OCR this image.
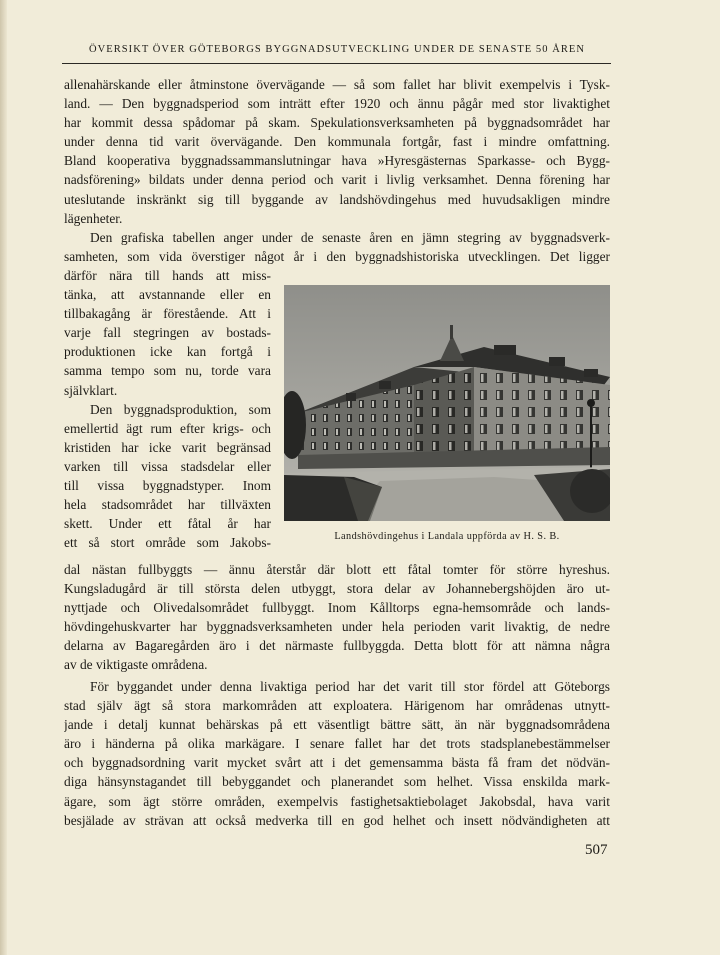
ÖVERSIKT ÖVER GÖTEBORGS BYGGNADSUTVECKLING UNDER DE SENASTE 50 ÅREN
allenahärskande eller åtminstone övervägande — så som fallet har blivit exempelvis i Tysk-
land. — Den byggnadsperiod som inträtt efter 1920 och ännu pågår med stor livaktighet
har kommit dessa spådomar på skam. Spekulationsverksamheten på byggnadsområdet har
under denna tid varit övervägande. Den kommunala fortgår, fast i mindre omfattning.
Bland kooperativa byggnadssammanslutningar hava »Hyresgästernas Sparkasse- och Bygg-
nadsförening» bildats under denna period och varit i livlig verksamhet. Denna förening har
uteslutande inskränkt sig till byggande av landshövdingehus med huvudsakligen mindre
lägenheter.
Den grafiska tabellen anger under de senaste åren en jämn stegring av byggnadsverk-
samheten, som vida överstiger något år i den byggnadshistoriska utvecklingen. Det ligger
därför nära till hands att miss-
tänka, att avstannande eller en
tillbakagång är förestående. Att i
varje fall stegringen av bostads-
produktionen icke kan fortgå i
samma tempo som nu, torde vara
självklart.
Den byggnadsproduktion, som
emellertid ägt rum efter krigs- och
kristiden har icke varit begränsad
varken till vissa stadsdelar eller
till vissa byggnadstyper. Inom
hela stadsområdet har tillväxten
skett. Under ett fåtal år har
ett så stort område som Jakobs-	Landshövdingehus i Landala uppförda av H. S. B.
dal nästan fullbyggts — ännu återstår där blott ett fåtal tomter för större hyreshus.
Kungsladugård är till största delen utbyggt, stora delar av Johannebergshöjden äro ut-
nyttjade och Olivedalsområdet fullbyggt. Inom Kålltorps egna-hemsområde och lands-
hövdingehuskvarter har byggnadsverksamheten under hela perioden varit livaktig, de nedre
delarna av Bagaregården äro i det närmaste fullbyggda. Detta blott för att nämna några
av de viktigaste områdena.
För byggandet under denna livaktiga period har det varit till stor fördel att Göteborgs
stad själv ägt så stora markområden att exploatera. Härigenom har områdenas utnytt-
jande i detalj kunnat behärskas på ett väsentligt bättre sätt, än när byggnadsområdena
äro i händerna på olika markägare. I senare fallet har det trots stadsplanebestämmelser
och byggnadsordning varit mycket svårt att i det gemensamma bästa få fram det nödvän-
diga hänsynstagandet till bebyggandet och planerandet som helhet. Vissa enskilda mark-
ägare, som ägt större områden, exempelvis fastighetsaktiebolaget Jakobsdal, hava varit
besjälade av strävan att också medverka till en god helhet och insett nödvändigheten att
507
